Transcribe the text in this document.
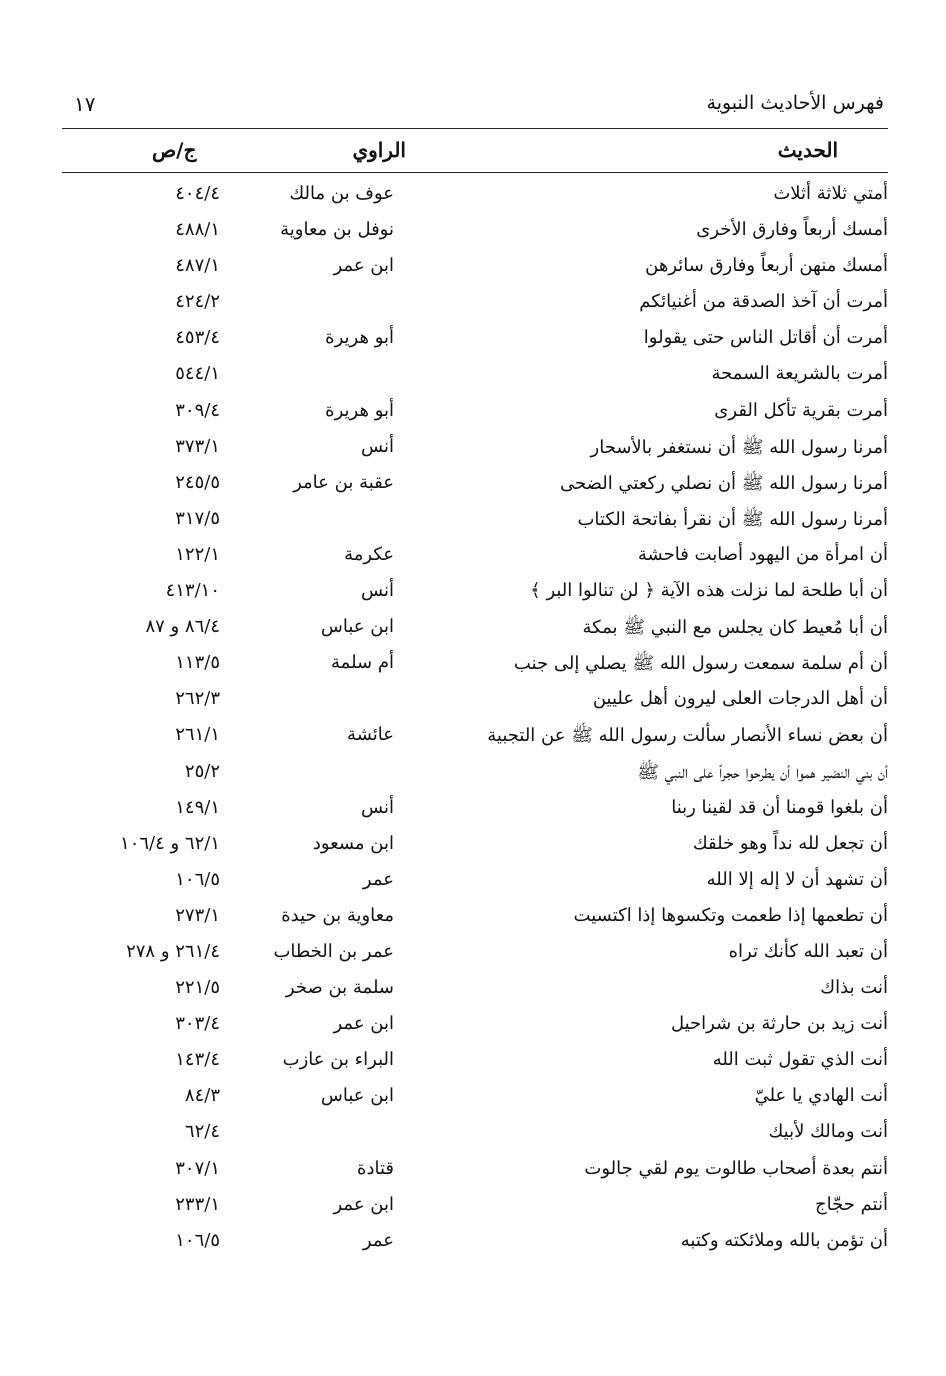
فهرس الأحاديث النبوية
١٧
الحديث
الراوي
ج/ص
أمتي ثلاثة أثلاث
عوف بن مالك
٤٠٤/٤
أمسك أربعاً وفارق الأخرى
نوفل بن معاوية
٤٨٨/١
أمسك منهن أربعاً وفارق سائرهن
ابن عمر
٤٨٧/١
أمرت أن آخذ الصدقة من أغنيائكم
٤٢٤/٢
أمرت أن أقاتل الناس حتى يقولوا
أبو هريرة
٤٥٣/٤
أمرت بالشريعة السمحة
٥٤٤/١
أمرت بقرية تأكل القرى
أبو هريرة
٣٠٩/٤
أمرنا رسول الله ﷺ أن نستغفر بالأسحار
أنس
٣٧٣/١
أمرنا رسول الله ﷺ أن نصلي ركعتي الضحى
عقبة بن عامر
٢٤٥/٥
أمرنا رسول الله ﷺ أن نقرأ بفاتحة الكتاب
٣١٧/٥
أن امرأة من اليهود أصابت فاحشة
عكرمة
١٢٢/١
أن أبا طلحة لما نزلت هذه الآية ﴿ لن تنالوا البر ﴾
أنس
٤١٣/١٠
أن أبا مُعيط كان يجلس مع النبي ﷺ بمكة
ابن عباس
٨٦/٤ و ٨٧
أن أم سلمة سمعت رسول الله ﷺ يصلي إلى جنب
أم سلمة
١١٣/٥
أن أهل الدرجات العلى ليرون أهل عليين
٢٦٢/٣
أن بعض نساء الأنصار سألت رسول الله ﷺ عن التجبية
عائشة
٢٦١/١
أن بني النضير هموا أن يطرحوا حجراً على النبي ﷺ
٢٥/٢
أن بلغوا قومنا أن قد لقينا ربنا
أنس
١٤٩/١
أن تجعل لله نداً وهو خلقك
ابن مسعود
٦٢/١ و ١٠٦/٤
أن تشهد أن لا إله إلا الله
عمر
١٠٦/٥
أن تطعمها إذا طعمت وتكسوها إذا اكتسيت
معاوية بن حيدة
٢٧٣/١
أن تعبد الله كأنك تراه
عمر بن الخطاب
٢٦١/٤ و ٢٧٨
أنت بذاك
سلمة بن صخر
٢٢١/٥
أنت زيد بن حارثة بن شراحيل
ابن عمر
٣٠٣/٤
أنت الذي تقول ثبت الله
البراء بن عازب
١٤٣/٤
أنت الهادي يا عليّ
ابن عباس
٨٤/٣
أنت ومالك لأبيك
٦٢/٤
أنتم بعدة أصحاب طالوت يوم لقي جالوت
قتادة
٣٠٧/١
أنتم حجّاج
ابن عمر
٢٣٣/١
أن تؤمن بالله وملائكته وكتبه
عمر
١٠٦/٥
